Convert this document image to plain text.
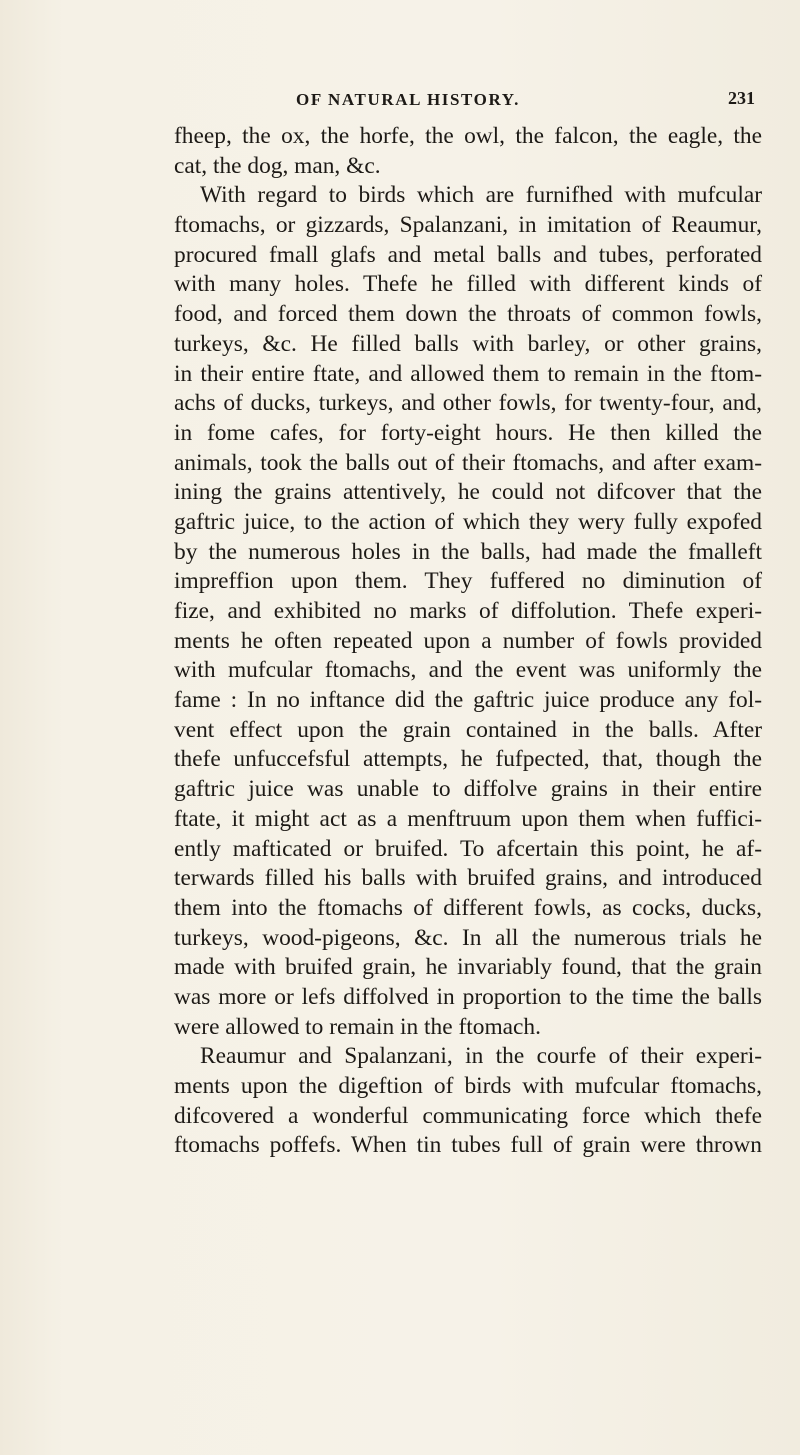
OF NATURAL HISTORY.	231
fheep, the ox, the horfe, the owl, the falcon, the eagle, the
cat, the dog, man, &c.
With regard to birds which are furnifhed with mufcular
ftomachs, or gizzards, Spalanzani, in imitation of Reaumur,
procured fmall glafs and metal balls and tubes, perforated
with many holes. Thefe he filled with different kinds of
food, and forced them down the throats of common fowls,
turkeys, &c. He filled balls with barley, or other grains,
in their entire ftate, and allowed them to remain in the ftom-
achs of ducks, turkeys, and other fowls, for twenty-four, and,
in fome cafes, for forty-eight hours. He then killed the
animals, took the balls out of their ftomachs, and after exam-
ining the grains attentively, he could not difcover that the
gaftric juice, to the action of which they wery fully expofed
by the numerous holes in the balls, had made the fmalleft
impreffion upon them. They fuffered no diminution of
fize, and exhibited no marks of diffolution. Thefe experi-
ments he often repeated upon a number of fowls provided
with mufcular ftomachs, and the event was uniformly the
fame : In no inftance did the gaftric juice produce any fol-
vent effect upon the grain contained in the balls. After
thefe unfuccefsful attempts, he fufpected, that, though the
gaftric juice was unable to diffolve grains in their entire
ftate, it might act as a menftruum upon them when fuffici-
ently mafticated or bruifed. To afcertain this point, he af-
terwards filled his balls with bruifed grains, and introduced
them into the ftomachs of different fowls, as cocks, ducks,
turkeys, wood-pigeons, &c. In all the numerous trials he
made with bruifed grain, he invariably found, that the grain
was more or lefs diffolved in proportion to the time the balls
were allowed to remain in the ftomach.
Reaumur and Spalanzani, in the courfe of their experi-
ments upon the digeftion of birds with mufcular ftomachs,
difcovered a wonderful communicating force which thefe
ftomachs poffefs. When tin tubes full of grain were thrown
